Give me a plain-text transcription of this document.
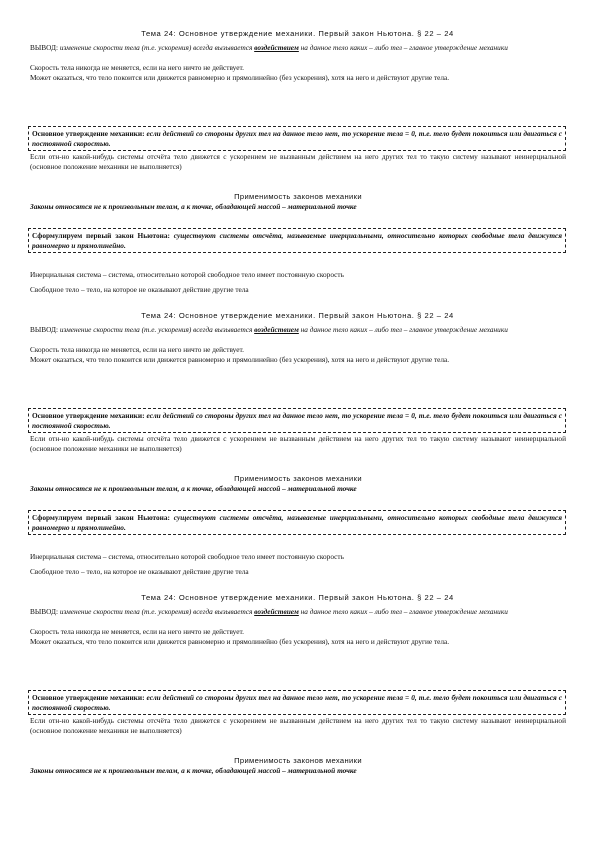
Тема 24: Основное утверждение механики. Первый закон Ньютона. § 22 – 24
ВЫВОД: изменение скорости тела (т.е. ускорения) всегда вызывается воздействием на данное тело каких – либо тел – главное утверждение механики
Скорость тела никогда не меняется, если на него ничто не действует.
Может оказаться, что тело покоится или движется равномерно и прямолинейно (без ускорения), хотя на него и действуют другие тела.
Основное утверждение механики: если действий со стороны других тел на данное тело нет, то ускорение тела = 0, т.е. тело будет покоиться или двигаться с постоянной скоростью.
Если отн-но какой-нибудь системы отсчёта тело движется с ускорением не вызванным действием на него других тел то такую систему называют неинерциальной (основное положение механики не выполняется)
Применимость законов механики
Законы относятся не к произвольным телам, а к точке, обладающей массой – материальной точке
Сформулируем первый закон Ньютона: существуют системы отсчёта, называемые инерциальными, относительно которых свободные тела движутся равномерно и прямолинейно.
Инерциальная система – система, относительно которой свободное тело имеет постоянную скорость
Свободное тело – тело, на которое не оказывают действие другие тела
Тема 24: Основное утверждение механики. Первый закон Ньютона. § 22 – 24
ВЫВОД: изменение скорости тела (т.е. ускорения) всегда вызывается воздействием на данное тело каких – либо тел – главное утверждение механики
Скорость тела никогда не меняется, если на него ничто не действует.
Может оказаться, что тело покоится или движется равномерно и прямолинейно (без ускорения), хотя на него и действуют другие тела.
Основное утверждение механики: если действий со стороны других тел на данное тело нет, то ускорение тела = 0, т.е. тело будет покоиться или двигаться с постоянной скоростью.
Если отн-но какой-нибудь системы отсчёта тело движется с ускорением не вызванным действием на него других тел то такую систему называют неинерциальной (основное положение механики не выполняется)
Применимость законов механики
Законы относятся не к произвольным телам, а к точке, обладающей массой – материальной точке
Сформулируем первый закон Ньютона: существуют системы отсчёта, называемые инерциальными, относительно которых свободные тела движутся равномерно и прямолинейно.
Инерциальная система – система, относительно которой свободное тело имеет постоянную скорость
Свободное тело – тело, на которое не оказывают действие другие тела
Тема 24: Основное утверждение механики. Первый закон Ньютона. § 22 – 24
ВЫВОД: изменение скорости тела (т.е. ускорения) всегда вызывается воздействием на данное тело каких – либо тел – главное утверждение механики
Скорость тела никогда не меняется, если на него ничто не действует.
Может оказаться, что тело покоится или движется равномерно и прямолинейно (без ускорения), хотя на него и действуют другие тела.
Основное утверждение механики: если действий со стороны других тел на данное тело нет, то ускорение тела = 0, т.е. тело будет покоиться или двигаться с постоянной скоростью.
Если отн-но какой-нибудь системы отсчёта тело движется с ускорением не вызванным действием на него других тел то такую систему называют неинерциальной (основное положение механики не выполняется)
Применимость законов механики
Законы относятся не к произвольным телам, а к точке, обладающей массой – материальной точке
